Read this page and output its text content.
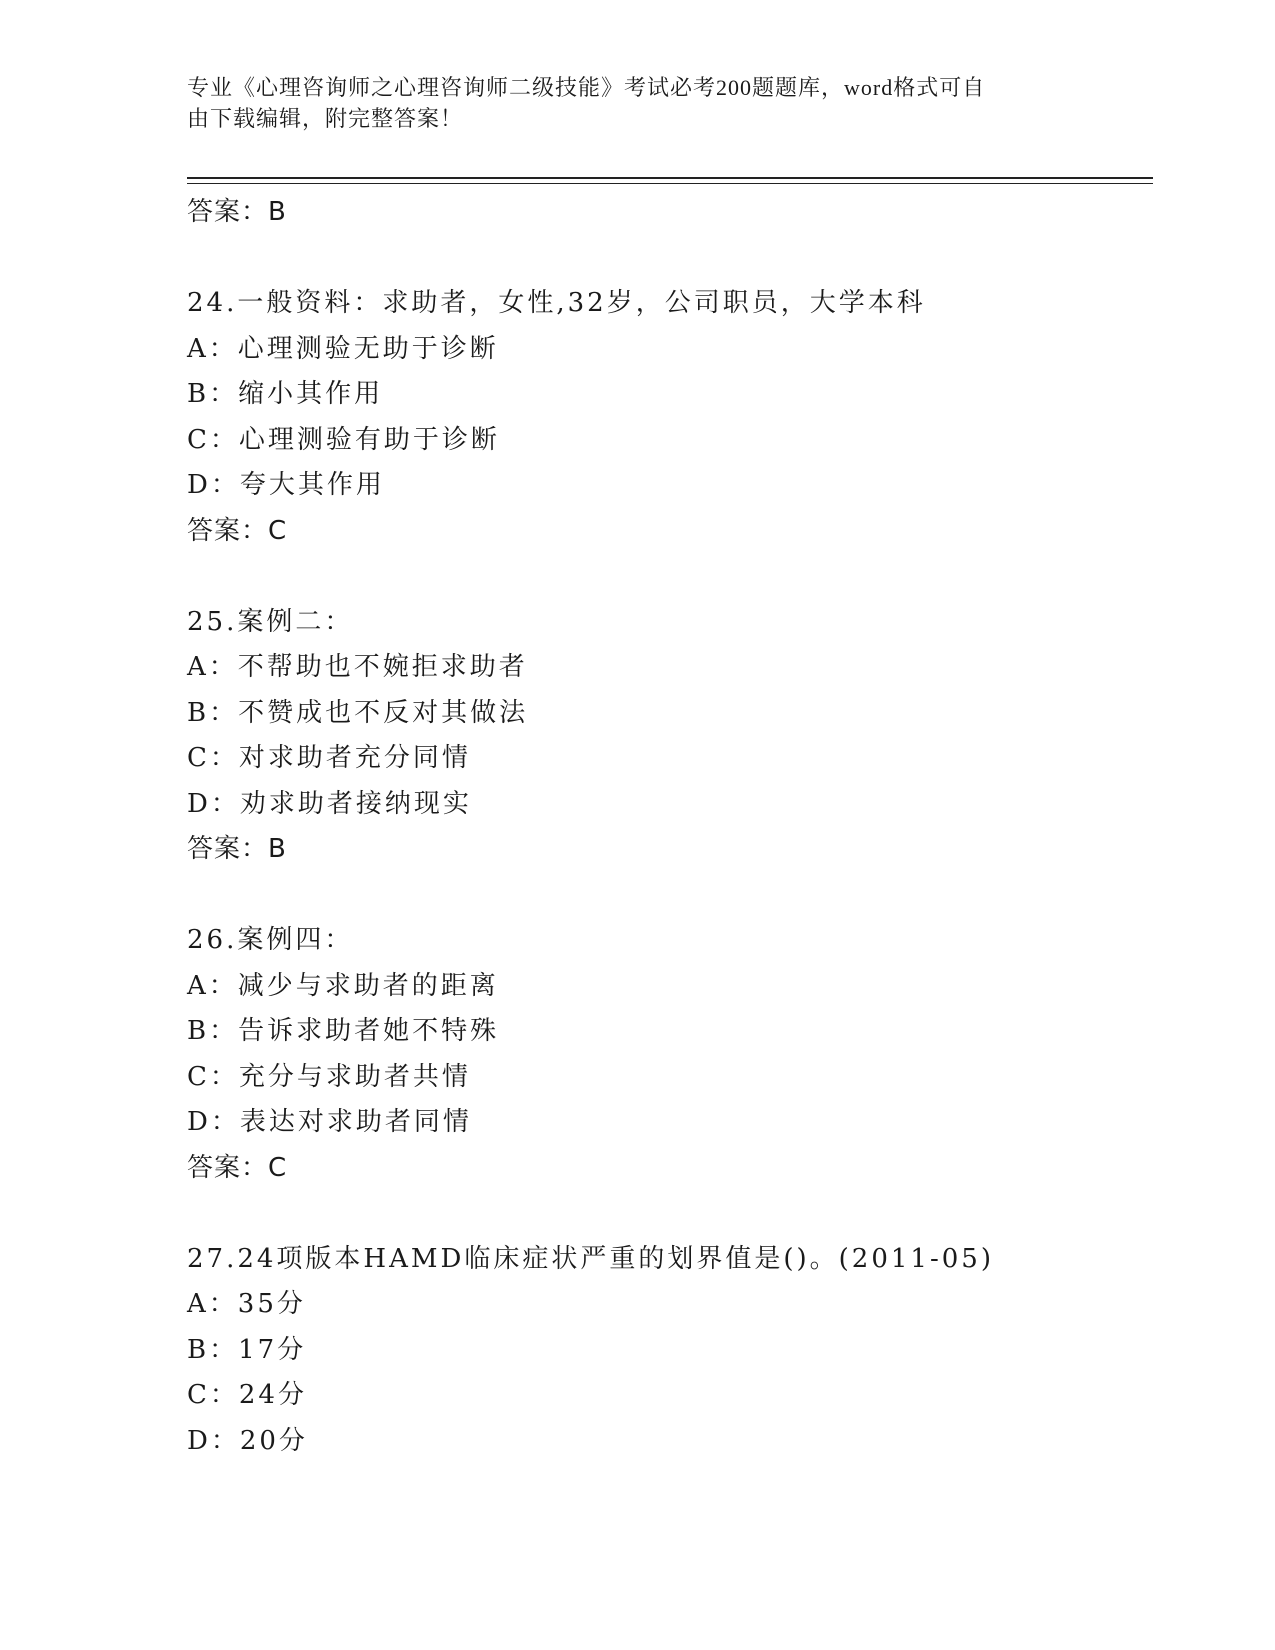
专业《心理咨询师之心理咨询师二级技能》考试必考200题题库，word格式可自
由下载编辑，附完整答案！
答案：B
24.一般资料：求助者，女性,32岁，公司职员，大学本科
A：心理测验无助于诊断
B：缩小其作用
C：心理测验有助于诊断
D：夸大其作用
答案：C
25.案例二：
A：不帮助也不婉拒求助者
B：不赞成也不反对其做法
C：对求助者充分同情
D：劝求助者接纳现实
答案：B
26.案例四：
A：减少与求助者的距离
B：告诉求助者她不特殊
C：充分与求助者共情
D：表达对求助者同情
答案：C
27.24项版本HAMD临床症状严重的划界值是()。(2011-05)
A：35分
B：17分
C：24分
D：20分
